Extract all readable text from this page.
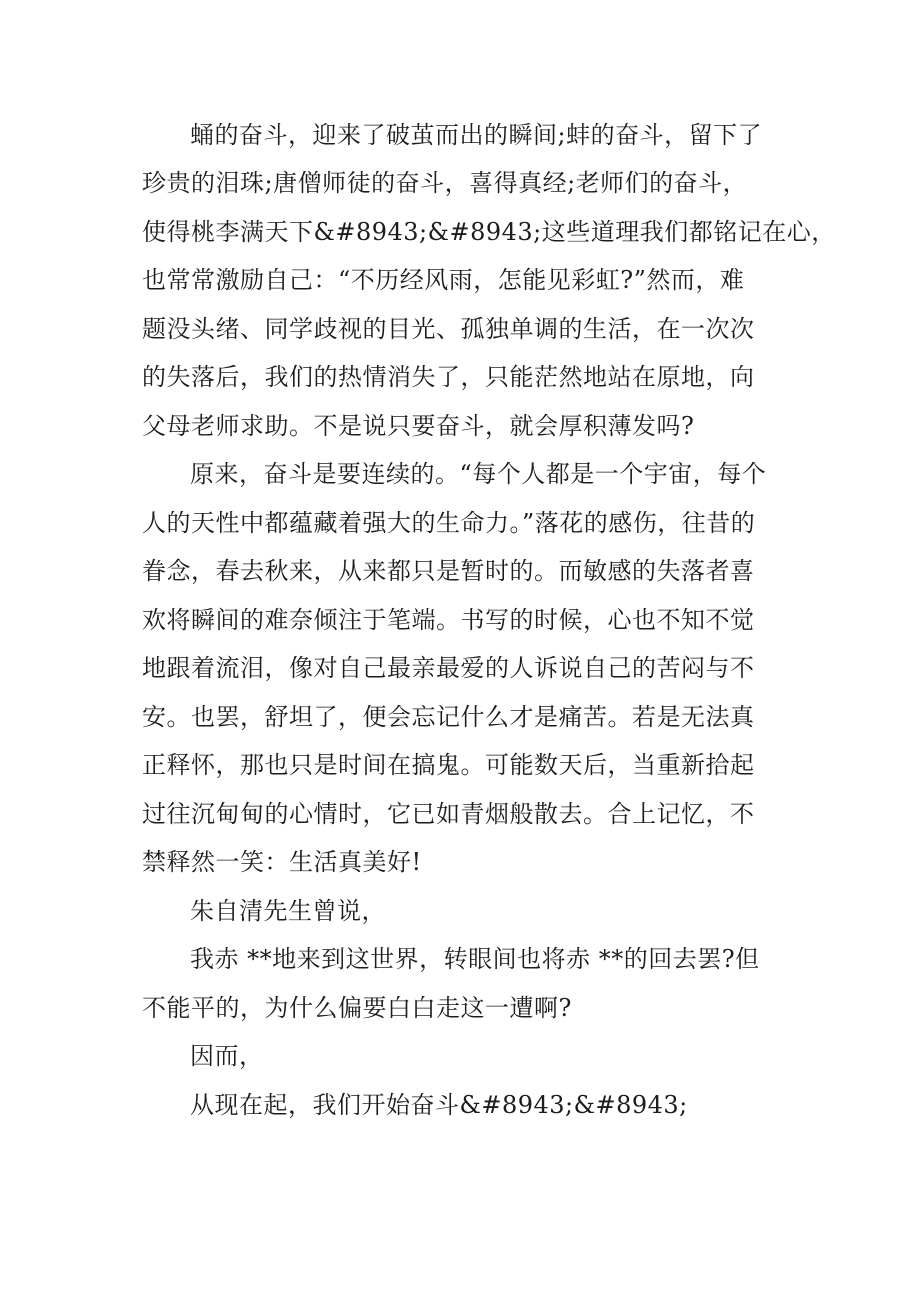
蛹的奋斗，迎来了破茧而出的瞬间;蚌的奋斗，留下了
珍贵的泪珠;唐僧师徒的奋斗，喜得真经;老师们的奋斗，
使得桃李满天下&#8943;&#8943;这些道理我们都铭记在心，
也常常激励自己：“不历经风雨，怎能见彩虹?”然而，难
题没头绪、同学歧视的目光、孤独单调的生活，在一次次
的失落后，我们的热情消失了，只能茫然地站在原地，向
父母老师求助。不是说只要奋斗，就会厚积薄发吗?
原来，奋斗是要连续的。“每个人都是一个宇宙，每个
人的天性中都蕴藏着强大的生命力。”落花的感伤，往昔的
眷念，春去秋来，从来都只是暂时的。而敏感的失落者喜
欢将瞬间的难奈倾注于笔端。书写的时候，心也不知不觉
地跟着流泪，像对自己最亲最爱的人诉说自己的苦闷与不
安。也罢，舒坦了，便会忘记什么才是痛苦。若是无法真
正释怀，那也只是时间在搞鬼。可能数天后，当重新拾起
过往沉甸甸的心情时，它已如青烟般散去。合上记忆，不
禁释然一笑：生活真美好!
朱自清先生曾说，
我赤 **地来到这世界，转眼间也将赤 **的回去罢?但
不能平的，为什么偏要白白走这一遭啊?
因而，
从现在起，我们开始奋斗&#8943;&#8943;
